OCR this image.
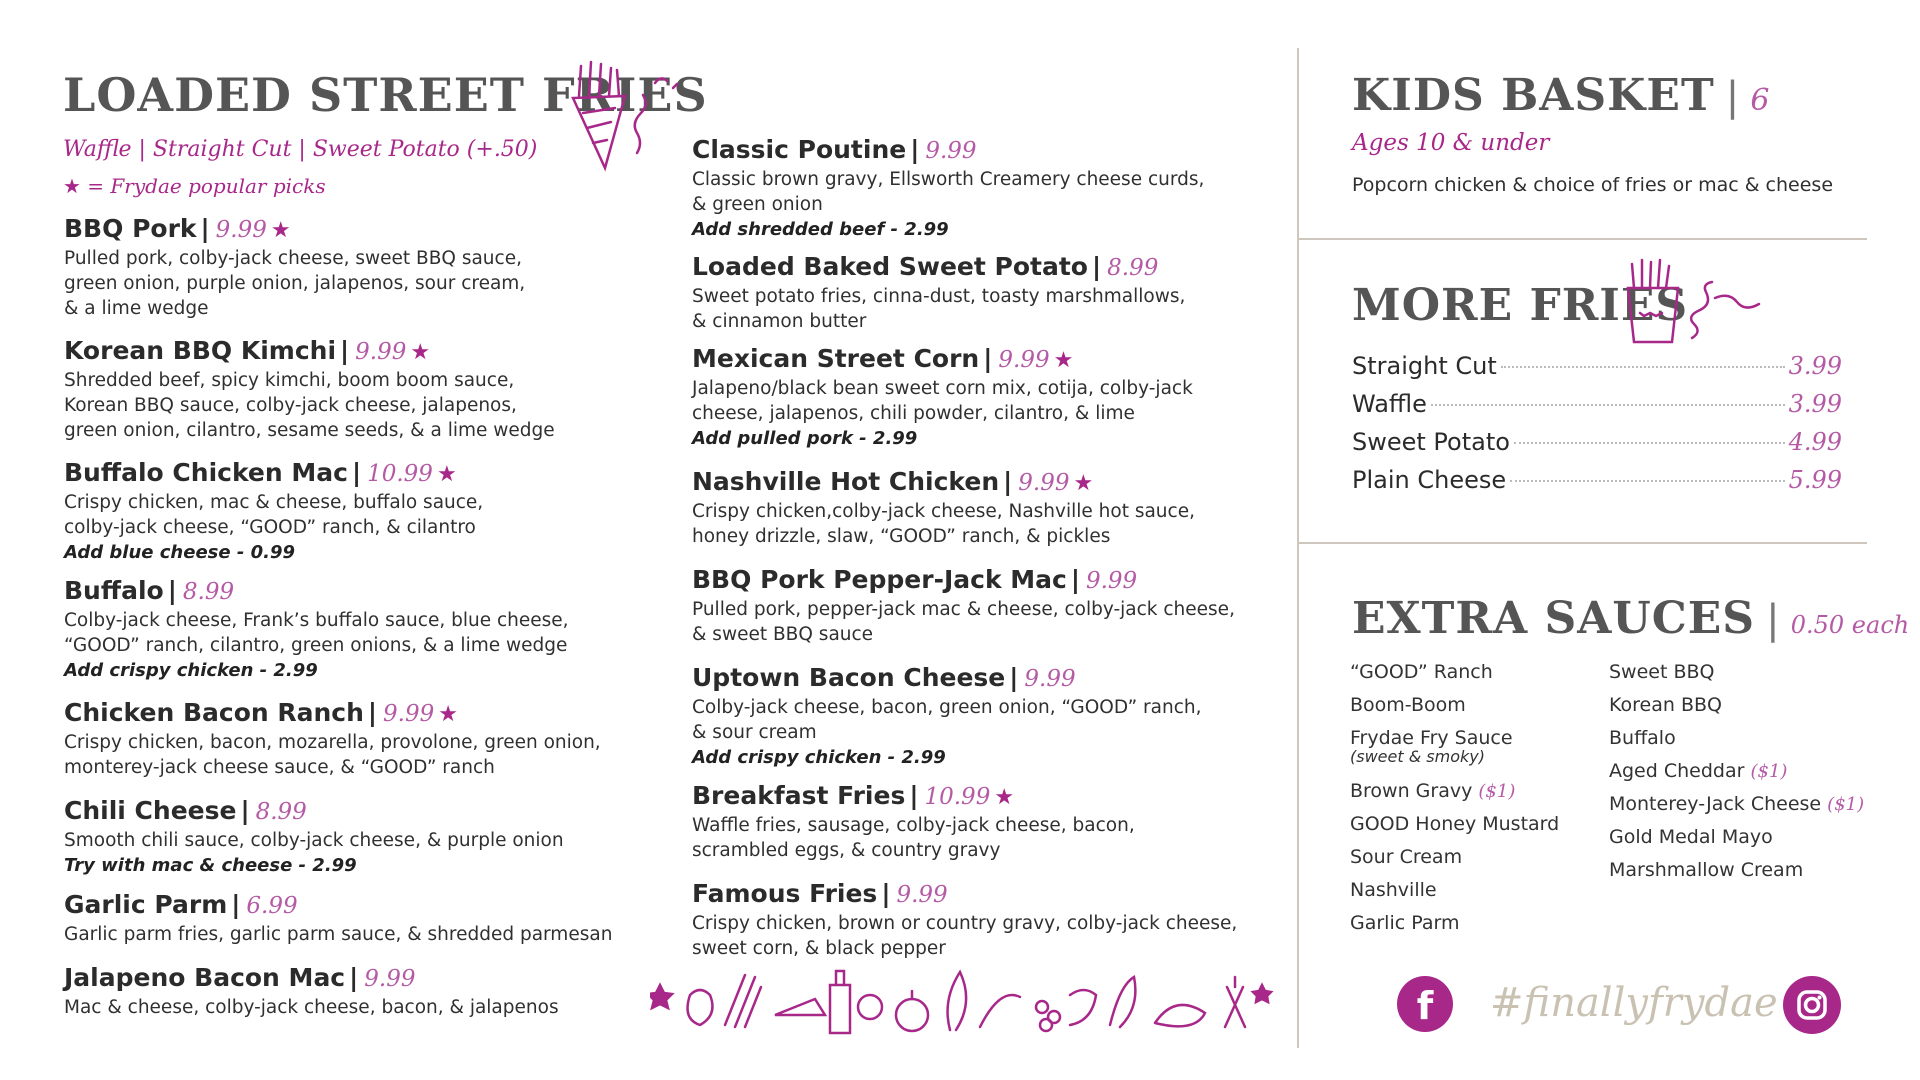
LOADED STREET FRIES
Waffle | Straight Cut | Sweet Potato (+.50)
★ = Frydae popular picks
BBQ Pork | 9.99 ★
Pulled pork, colby-jack cheese, sweet BBQ sauce,
green onion, purple onion, jalapenos, sour cream,
& a lime wedge
Korean BBQ Kimchi | 9.99 ★
Shredded beef, spicy kimchi, boom boom sauce,
Korean BBQ sauce, colby-jack cheese, jalapenos,
green onion, cilantro, sesame seeds, & a lime wedge
Buffalo Chicken Mac | 10.99 ★
Crispy chicken, mac & cheese, buffalo sauce,
colby-jack cheese, “GOOD” ranch, & cilantro
Add blue cheese - 0.99
Buffalo | 8.99
Colby-jack cheese, Frank’s buffalo sauce, blue cheese,
“GOOD” ranch, cilantro, green onions, & a lime wedge
Add crispy chicken - 2.99
Chicken Bacon Ranch | 9.99 ★
Crispy chicken, bacon, mozarella, provolone, green onion,
monterey-jack cheese sauce, & “GOOD” ranch
Chili Cheese | 8.99
Smooth chili sauce, colby-jack cheese, & purple onion
Try with mac & cheese - 2.99
Garlic Parm | 6.99
Garlic parm fries, garlic parm sauce, & shredded parmesan
Jalapeno Bacon Mac | 9.99
Mac & cheese, colby-jack cheese, bacon, & jalapenos
Classic Poutine | 9.99
Classic brown gravy, Ellsworth Creamery cheese curds,
& green onion
Add shredded beef - 2.99
Loaded Baked Sweet Potato | 8.99
Sweet potato fries, cinna-dust, toasty marshmallows,
& cinnamon butter
Mexican Street Corn | 9.99 ★
Jalapeno/black bean sweet corn mix, cotija, colby-jack
cheese, jalapenos, chili powder, cilantro, & lime
Add pulled pork - 2.99
Nashville Hot Chicken | 9.99 ★
Crispy chicken,colby-jack cheese, Nashville hot sauce,
honey drizzle, slaw, “GOOD” ranch, & pickles
BBQ Pork Pepper-Jack Mac | 9.99
Pulled pork, pepper-jack mac & cheese, colby-jack cheese,
& sweet BBQ sauce
Uptown Bacon Cheese | 9.99
Colby-jack cheese, bacon, green onion, “GOOD” ranch,
& sour cream
Add crispy chicken - 2.99
Breakfast Fries | 10.99 ★
Waffle fries, sausage, colby-jack cheese, bacon,
scrambled eggs, & country gravy
Famous Fries | 9.99
Crispy chicken, brown or country gravy, colby-jack cheese,
sweet corn, & black pepper
KIDS BASKET | 6
Ages 10 & under
Popcorn chicken & choice of fries or mac & cheese
MORE FRIES
Straight Cut	3.99
Waffle	3.99
Sweet Potato	4.99
Plain Cheese	5.99
EXTRA SAUCES | 0.50 each
“GOOD” Ranch
Boom-Boom
Frydae Fry Sauce
(sweet & smoky)
Brown Gravy ($1)
GOOD Honey Mustard
Sour Cream
Nashville
Garlic Parm
Sweet BBQ
Korean BBQ
Buffalo
Aged Cheddar ($1)
Monterey-Jack Cheese ($1)
Gold Medal Mayo
Marshmallow Cream
f	#finallyfrydae
